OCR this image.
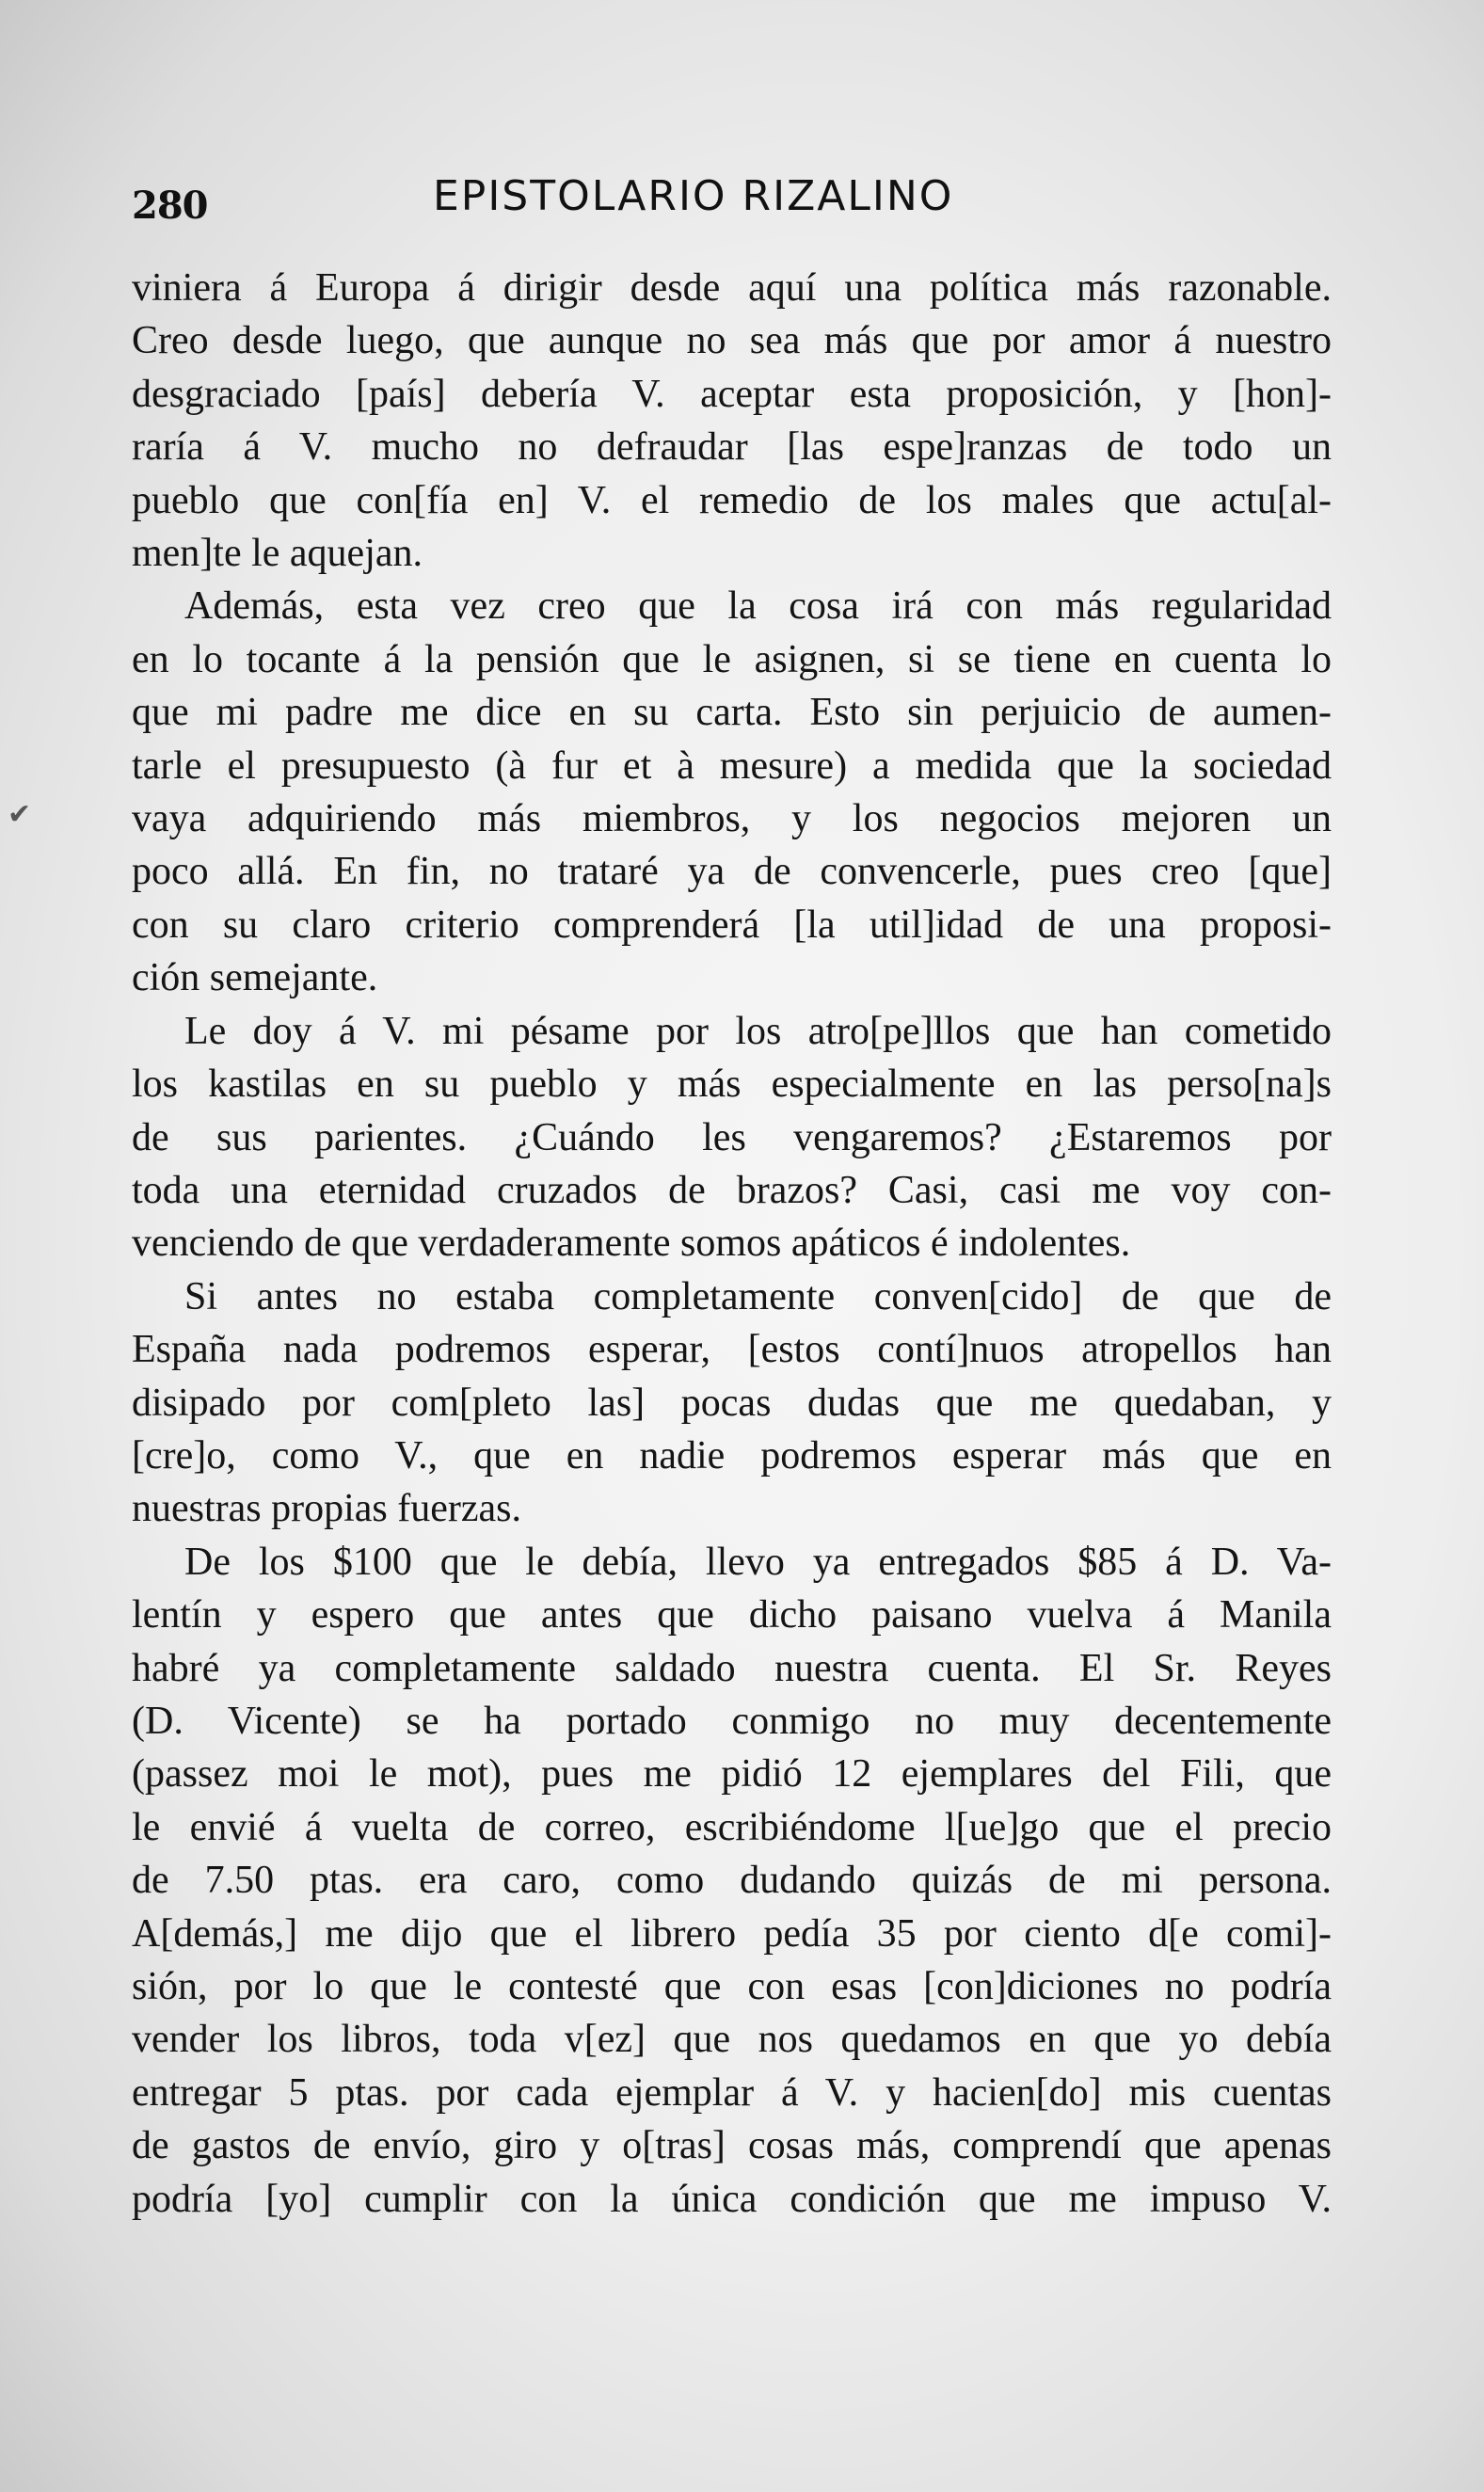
280	EPISTOLARIO RIZALINO
✔

viniera á Europa á dirigir desde aquí una política más razonable.
Creo desde luego, que aunque no sea más que por amor á nuestro
desgraciado [país] debería V. aceptar esta proposición, y [hon]-
raría á V. mucho no defraudar [las espe]ranzas de todo un
pueblo que con[fía en] V. el remedio de los males que actu[al-
men]te le aquejan.

Además, esta vez creo que la cosa irá con más regularidad
en lo tocante á la pensión que le asignen, si se tiene en cuenta lo
que mi padre me dice en su carta. Esto sin perjuicio de aumen-
tarle el presupuesto (à fur et à mesure) a medida que la sociedad
vaya adquiriendo más miembros, y los negocios mejoren un
poco allá. En fin, no trataré ya de convencerle, pues creo [que]
con su claro criterio comprenderá [la util]idad de una proposi-
ción semejante.

Le doy á V. mi pésame por los atro[pe]llos que han cometido
los kastilas en su pueblo y más especialmente en las perso[na]s
de sus parientes. ¿Cuándo les vengaremos? ¿Estaremos por
toda una eternidad cruzados de brazos? Casi, casi me voy con-
venciendo de que verdaderamente somos apáticos é indolentes.

Si antes no estaba completamente conven[cido] de que de
España nada podremos esperar, [estos contí]nuos atropellos han
disipado por com[pleto las] pocas dudas que me quedaban, y
[cre]o, como V., que en nadie podremos esperar más que en
nuestras propias fuerzas.

De los $100 que le debía, llevo ya entregados $85 á D. Va-
lentín y espero que antes que dicho paisano vuelva á Manila
habré ya completamente saldado nuestra cuenta. El Sr. Reyes
(D. Vicente) se ha portado conmigo no muy decentemente
(passez moi le mot), pues me pidió 12 ejemplares del Fili, que
le envié á vuelta de correo, escribiéndome l[ue]go que el precio
de 7.50 ptas. era caro, como dudando quizás de mi persona.
A[demás,] me dijo que el librero pedía 35 por ciento d[e comi]-
sión, por lo que le contesté que con esas [con]diciones no podría
vender los libros, toda v[ez] que nos quedamos en que yo debía
entregar 5 ptas. por cada ejemplar á V. y hacien[do] mis cuentas
de gastos de envío, giro y o[tras] cosas más, comprendí que apenas
podría [yo] cumplir con la única condición que me impuso V.
